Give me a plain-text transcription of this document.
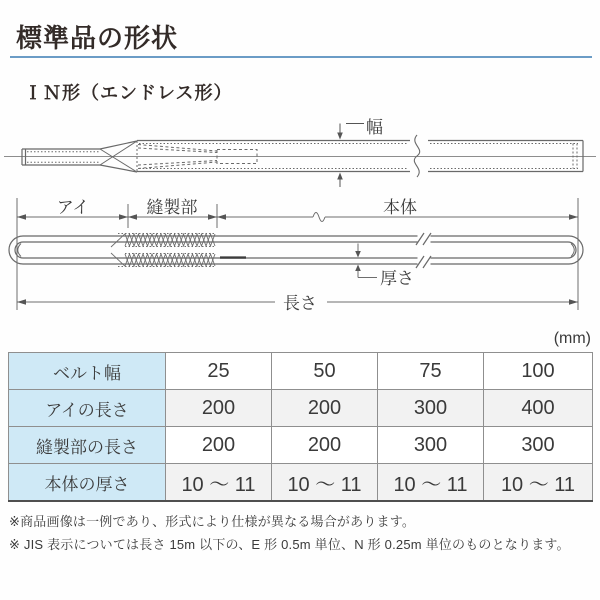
標準品の形状
ＩＮ形（エンドレス形）
幅
アイ	縫製部	本体
厚さ
長さ
(mm)
ベルト幅	25	50	75	100
アイの長さ	200	200	300	400
縫製部の長さ	200	200	300	300
本体の厚さ	10 ～ 11	10 ～ 11	10 ～ 11	10 ～ 11

※商品画像は一例であり、形式により仕様が異なる場合があります。

※ JIS 表示については長さ 15m 以下の、E 形 0.5m 単位、N 形 0.25m 単位のものとなります。
